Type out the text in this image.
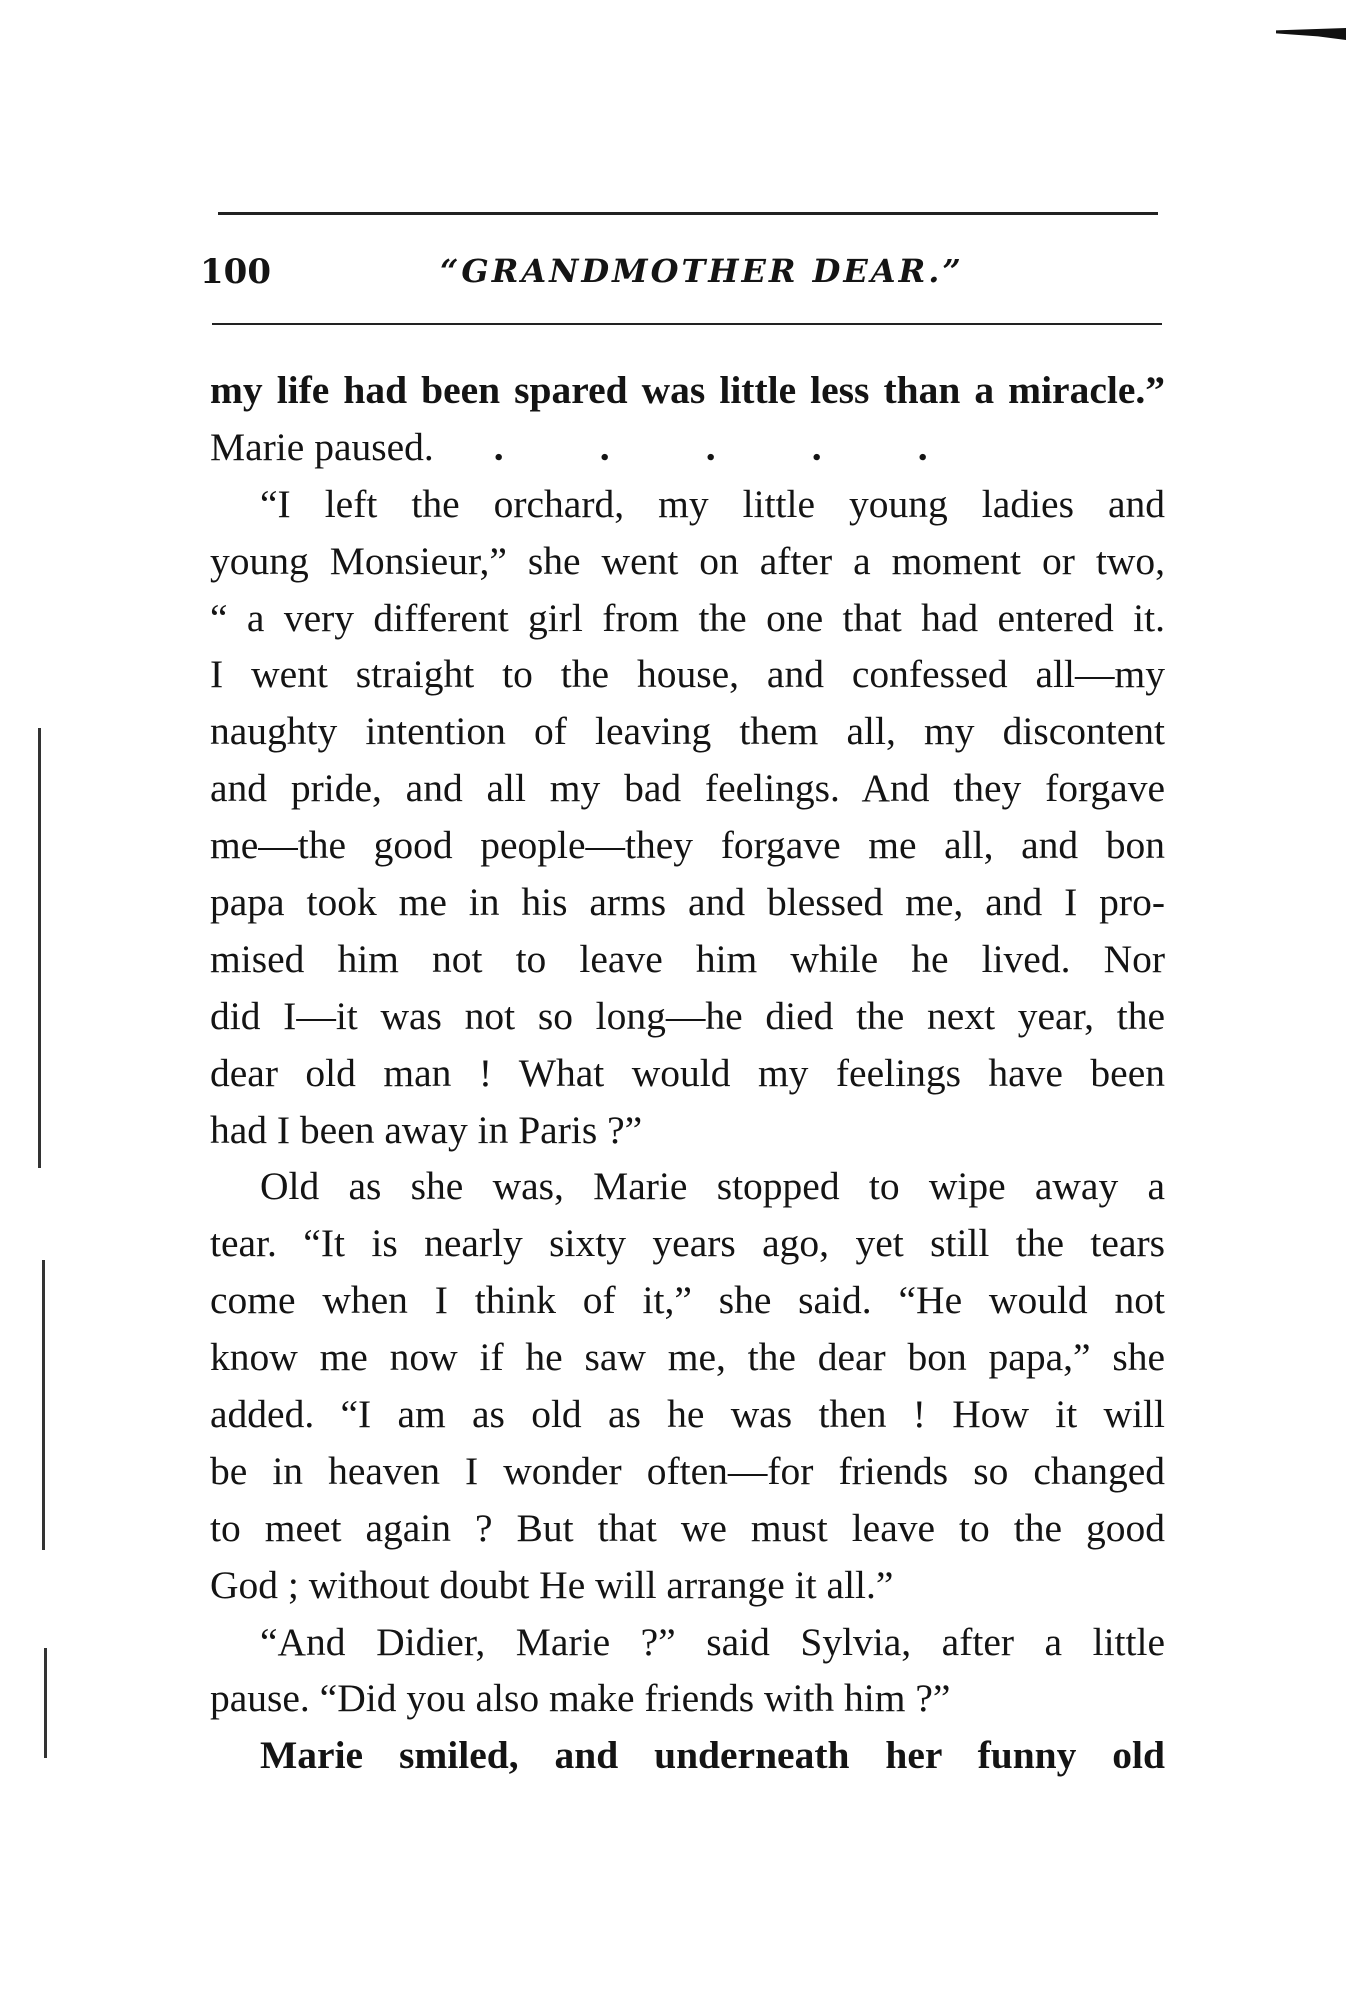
100	“GRANDMOTHER DEAR.”
my life had been spared was little less than a miracle.”
Marie paused. . . . . .
“I left the orchard, my little young ladies and
young Monsieur,” she went on after a moment or two,
“ a very different girl from the one that had entered it.
I went straight to the house, and confessed all—my
naughty intention of leaving them all, my discontent
and pride, and all my bad feelings. And they forgave
me—the good people—they forgave me all, and bon
papa took me in his arms and blessed me, and I pro-
mised him not to leave him while he lived. Nor
did I—it was not so long—he died the next year, the
dear old man ! What would my feelings have been
had I been away in Paris ?”
Old as she was, Marie stopped to wipe away a
tear. “It is nearly sixty years ago, yet still the tears
come when I think of it,” she said. “He would not
know me now if he saw me, the dear bon papa,” she
added. “I am as old as he was then ! How it will
be in heaven I wonder often—for friends so changed
to meet again ? But that we must leave to the good
God ; without doubt He will arrange it all.”
“And Didier, Marie ?” said Sylvia, after a little
pause. “Did you also make friends with him ?”
Marie smiled, and underneath her funny old
